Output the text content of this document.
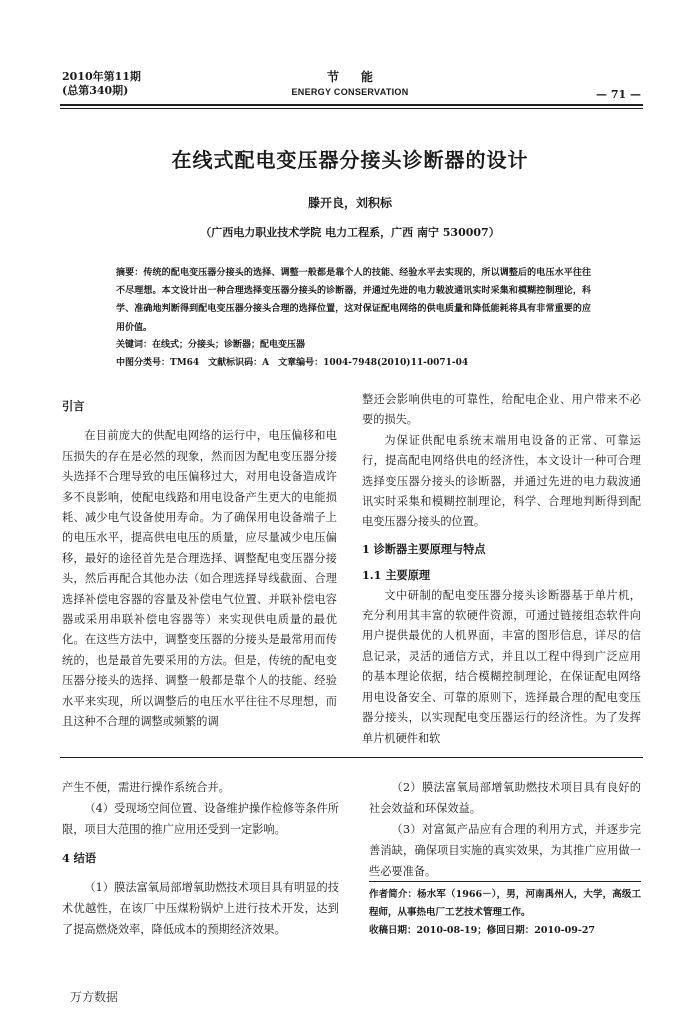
2010年第11期
(总第340期)
节能
ENERGY CONSERVATION	— 71 —
在线式配电变压器分接头诊断器的设计
滕开良，刘积标
（广西电力职业技术学院 电力工程系，广西 南宁 530007）
摘要：传统的配电变压器分接头的选择、调整一般都是靠个人的技能、经验水平去实现的，所以调整后的电压水平往往不尽理想。本文设计出一种合理选择变压器分接头的诊断器，并通过先进的电力载波通讯实时采集和模糊控制理论，科学、准确地判断得到配电变压器分接头合理的选择位置，这对保证配电网络的供电质量和降低能耗将具有非常重要的应用价值。
关键词：在线式；分接头；诊断器；配电变压器
中图分类号：TM64　文献标识码：A　文章编号：1004-7948(2010)11-0071-04
引言
在目前庞大的供配电网络的运行中，电压偏移和电压损失的存在是必然的现象，然而因为配电变压器分接头选择不合理导致的电压偏移过大，对用电设备造成许多不良影响，使配电线路和用电设备产生更大的电能损耗、减少电气设备使用寿命。为了确保用电设备端子上的电压水平，提高供电电压的质量，应尽量减少电压偏移，最好的途径首先是合理选择、调整配电变压器分接头，然后再配合其他办法（如合理选择导线截面、合理选择补偿电容器的容量及补偿电气位置、并联补偿电容器或采用串联补偿电容器等）来实现供电质量的最优化。在这些方法中，调整变压器的分接头是最常用而传统的，也是最首先要采用的方法。但是，传统的配电变压器分接头的选择、调整一般都是靠个人的技能、经验水平来实现，所以调整后的电压水平往往不尽理想，而且这种不合理的调整或频繁的调
整还会影响供电的可靠性，给配电企业、用户带来不必要的损失。
为保证供配电系统末端用电设备的正常、可靠运行，提高配电网络供电的经济性，本文设计一种可合理选择变压器分接头的诊断器，并通过先进的电力载波通讯实时采集和模糊控制理论，科学、合理地判断得到配电变压器分接头的位置。
1 诊断器主要原理与特点
1.1 主要原理
文中研制的配电变压器分接头诊断器基于单片机，充分利用其丰富的软硬件资源，可通过链接组态软件向用户提供最优的人机界面，丰富的图形信息，详尽的信息记录，灵活的通信方式，并且以工程中得到广泛应用的基本理论依据，结合模糊控制理论，在保证配电网络用电设备安全、可靠的原则下，选择最合理的配电变压器分接头，以实现配电变压器运行的经济性。为了发挥单片机硬件和软
产生不便，需进行操作系统合并。
（4）受现场空间位置、设备维护操作检修等条件所限，项目大范围的推广应用还受到一定影响。
4 结语
（1）膜法富氧局部增氧助燃技术项目具有明显的技术优越性，在该厂中压煤粉锅炉上进行技术开发，达到了提高燃烧效率，降低成本的预期经济效果。
（2）膜法富氧局部增氧助燃技术项目具有良好的社会效益和环保效益。
（3）对富氮产品应有合理的利用方式，并逐步完善消缺，确保项目实施的真实效果，为其推广应用做一些必要准备。
作者简介：杨水军（1966－），男，河南禹州人，大学，高级工程师，从事热电厂工艺技术管理工作。
收稿日期：2010-08-19；修回日期：2010-09-27
万方数据
